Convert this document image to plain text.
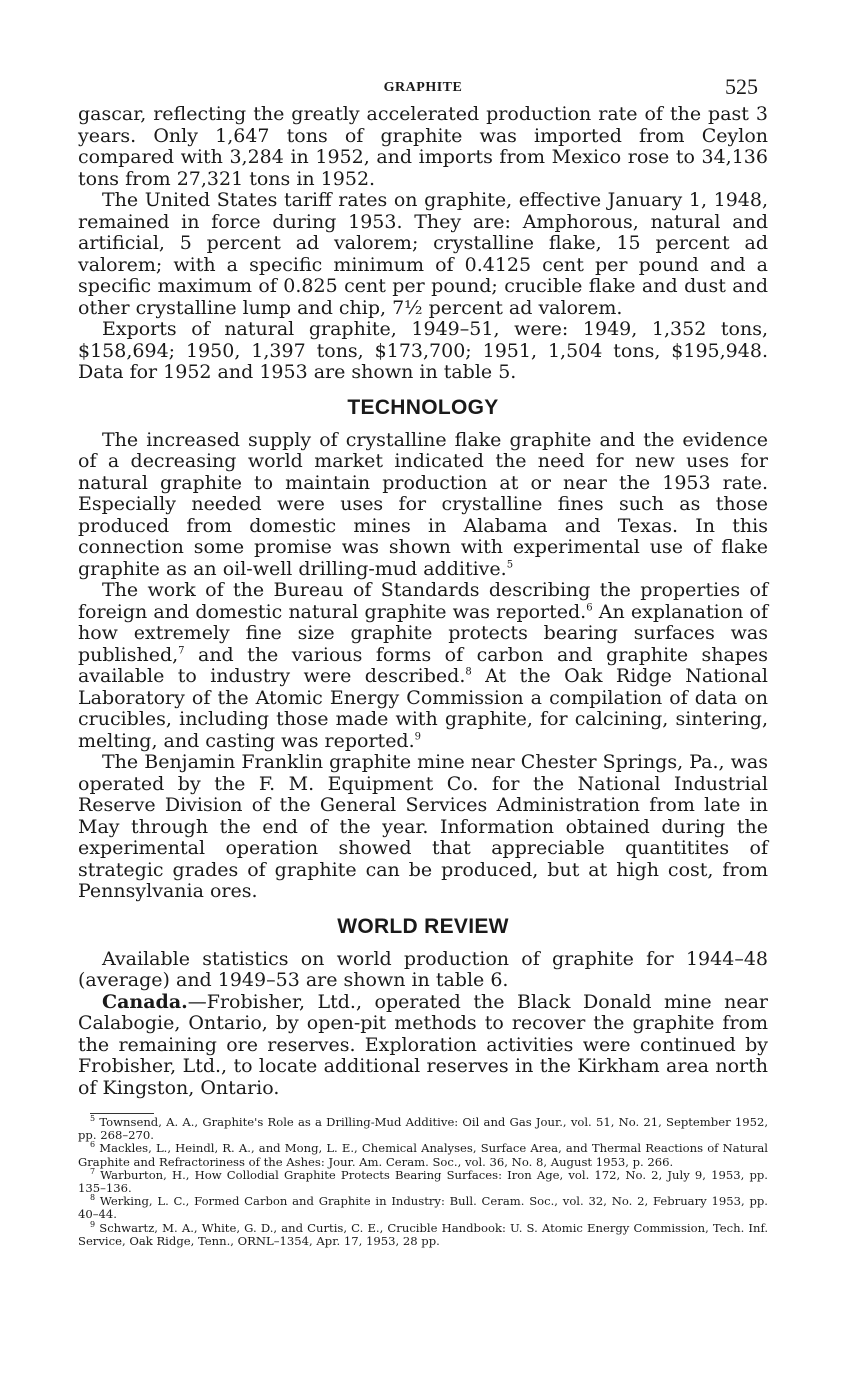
GRAPHITE	525

gascar, reflecting the greatly accelerated production rate of the past 3 years. Only 1,647 tons of graphite was imported from Ceylon compared with 3,284 in 1952, and imports from Mexico rose to 34,136 tons from 27,321 tons in 1952.

The United States tariff rates on graphite, effective January 1, 1948, remained in force during 1953. They are: Amphorous, natural and artificial, 5 percent ad valorem; crystalline flake, 15 percent ad valorem; with a specific minimum of 0.4125 cent per pound and a specific maximum of 0.825 cent per pound; crucible flake and dust and other crystalline lump and chip, 7½ percent ad valorem.

Exports of natural graphite, 1949–51, were: 1949, 1,352 tons, $158,694; 1950, 1,397 tons, $173,700; 1951, 1,504 tons, $195,948. Data for 1952 and 1953 are shown in table 5.

TECHNOLOGY

The increased supply of crystalline flake graphite and the evidence of a decreasing world market indicated the need for new uses for natural graphite to maintain production at or near the 1953 rate. Especially needed were uses for crystalline fines such as those produced from domestic mines in Alabama and Texas. In this connection some promise was shown with experimental use of flake graphite as an oil-well drilling-mud additive.$^5$

The work of the Bureau of Standards describing the properties of foreign and domestic natural graphite was reported.$^6$ An explanation of how extremely fine size graphite protects bearing surfaces was published,$^7$ and the various forms of carbon and graphite shapes available to industry were described.$^8$ At the Oak Ridge National Laboratory of the Atomic Energy Commission a compilation of data on crucibles, including those made with graphite, for calcining, sintering, melting, and casting was reported.$^9$

The Benjamin Franklin graphite mine near Chester Springs, Pa., was operated by the F. M. Equipment Co. for the National Industrial Reserve Division of the General Services Administration from late in May through the end of the year. Information obtained during the experimental operation showed that appreciable quantitites of strategic grades of graphite can be produced, but at high cost, from Pennsylvania ores.

WORLD REVIEW

Available statistics on world production of graphite for 1944–48 (average) and 1949–53 are shown in table 6.

Canada.—Frobisher, Ltd., operated the Black Donald mine near Calabogie, Ontario, by open-pit methods to recover the graphite from the remaining ore reserves. Exploration activities were continued by Frobisher, Ltd., to locate additional reserves in the Kirkham area north of Kingston, Ontario.

$^5$ Townsend, A. A., Graphite's Role as a Drilling-Mud Additive: Oil and Gas Jour., vol. 51, No. 21, September 1952, pp. 268–270.
$^6$ Mackles, L., Heindl, R. A., and Mong, L. E., Chemical Analyses, Surface Area, and Thermal Reactions of Natural Graphite and Refractoriness of the Ashes: Jour. Am. Ceram. Soc., vol. 36, No. 8, August 1953, p. 266.
$^7$ Warburton, H., How Collodial Graphite Protects Bearing Surfaces: Iron Age, vol. 172, No. 2, July 9, 1953, pp. 135–136.
$^8$ Werking, L. C., Formed Carbon and Graphite in Industry: Bull. Ceram. Soc., vol. 32, No. 2, February 1953, pp. 40–44.
$^9$ Schwartz, M. A., White, G. D., and Curtis, C. E., Crucible Handbook: U. S. Atomic Energy Commission, Tech. Inf. Service, Oak Ridge, Tenn., ORNL–1354, Apr. 17, 1953, 28 pp.
